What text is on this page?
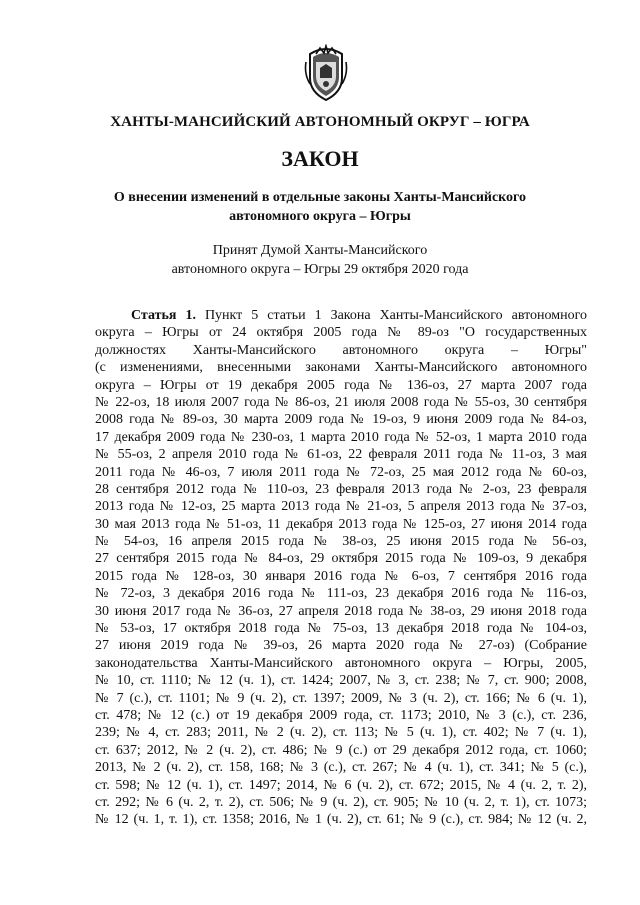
ХАНТЫ-МАНСИЙСКИЙ АВТОНОМНЫЙ ОКРУГ – ЮГРА
ЗАКОН
О внесении изменений в отдельные законы Ханты-Мансийского
автономного округа – Югры
Принят Думой Ханты-Мансийского
автономного округа – Югры 29 октября 2020 года
Статья 1. Пункт 5 статьи 1 Закона Ханты-Мансийского автономного
округа – Югры от 24 октября 2005 года № 89-оз "О государственных
должностях Ханты-Мансийского автономного округа – Югры"
(с изменениями, внесенными законами Ханты-Мансийского автономного
округа – Югры от 19 декабря 2005 года № 136-оз, 27 марта 2007 года
№ 22-оз, 18 июля 2007 года № 86-оз, 21 июля 2008 года № 55-оз, 30 сентября
2008 года № 89-оз, 30 марта 2009 года № 19-оз, 9 июня 2009 года № 84-оз,
17 декабря 2009 года № 230-оз, 1 марта 2010 года № 52-оз, 1 марта 2010 года
№ 55-оз, 2 апреля 2010 года № 61-оз, 22 февраля 2011 года № 11-оз, 3 мая
2011 года № 46-оз, 7 июля 2011 года № 72-оз, 25 мая 2012 года № 60-оз,
28 сентября 2012 года № 110-оз, 23 февраля 2013 года № 2-оз, 23 февраля
2013 года № 12-оз, 25 марта 2013 года № 21-оз, 5 апреля 2013 года № 37-оз,
30 мая 2013 года № 51-оз, 11 декабря 2013 года № 125-оз, 27 июня 2014 года
№ 54-оз, 16 апреля 2015 года № 38-оз, 25 июня 2015 года № 56-оз,
27 сентября 2015 года № 84-оз, 29 октября 2015 года № 109-оз, 9 декабря
2015 года № 128-оз, 30 января 2016 года № 6-оз, 7 сентября 2016 года
№ 72-оз, 3 декабря 2016 года № 111-оз, 23 декабря 2016 года № 116-оз,
30 июня 2017 года № 36-оз, 27 апреля 2018 года № 38-оз, 29 июня 2018 года
№ 53-оз, 17 октября 2018 года № 75-оз, 13 декабря 2018 года № 104-оз,
27 июня 2019 года № 39-оз, 26 марта 2020 года № 27-оз) (Собрание
законодательства Ханты-Мансийского автономного округа – Югры, 2005,
№ 10, ст. 1110; № 12 (ч. 1), ст. 1424; 2007, № 3, ст. 238; № 7, ст. 900; 2008,
№ 7 (с.), ст. 1101; № 9 (ч. 2), ст. 1397; 2009, № 3 (ч. 2), ст. 166; № 6 (ч. 1),
ст. 478; № 12 (с.) от 19 декабря 2009 года, ст. 1173; 2010, № 3 (с.), ст. 236,
239; № 4, ст. 283; 2011, № 2 (ч. 2), ст. 113; № 5 (ч. 1), ст. 402; № 7 (ч. 1),
ст. 637; 2012, № 2 (ч. 2), ст. 486; № 9 (с.) от 29 декабря 2012 года, ст. 1060;
2013, № 2 (ч. 2), ст. 158, 168; № 3 (с.), ст. 267; № 4 (ч. 1), ст. 341; № 5 (с.),
ст. 598; № 12 (ч. 1), ст. 1497; 2014, № 6 (ч. 2), ст. 672; 2015, № 4 (ч. 2, т. 2),
ст. 292; № 6 (ч. 2, т. 2), ст. 506; № 9 (ч. 2), ст. 905; № 10 (ч. 2, т. 1), ст. 1073;
№ 12 (ч. 1, т. 1), ст. 1358; 2016, № 1 (ч. 2), ст. 61; № 9 (с.), ст. 984; № 12 (ч. 2,
